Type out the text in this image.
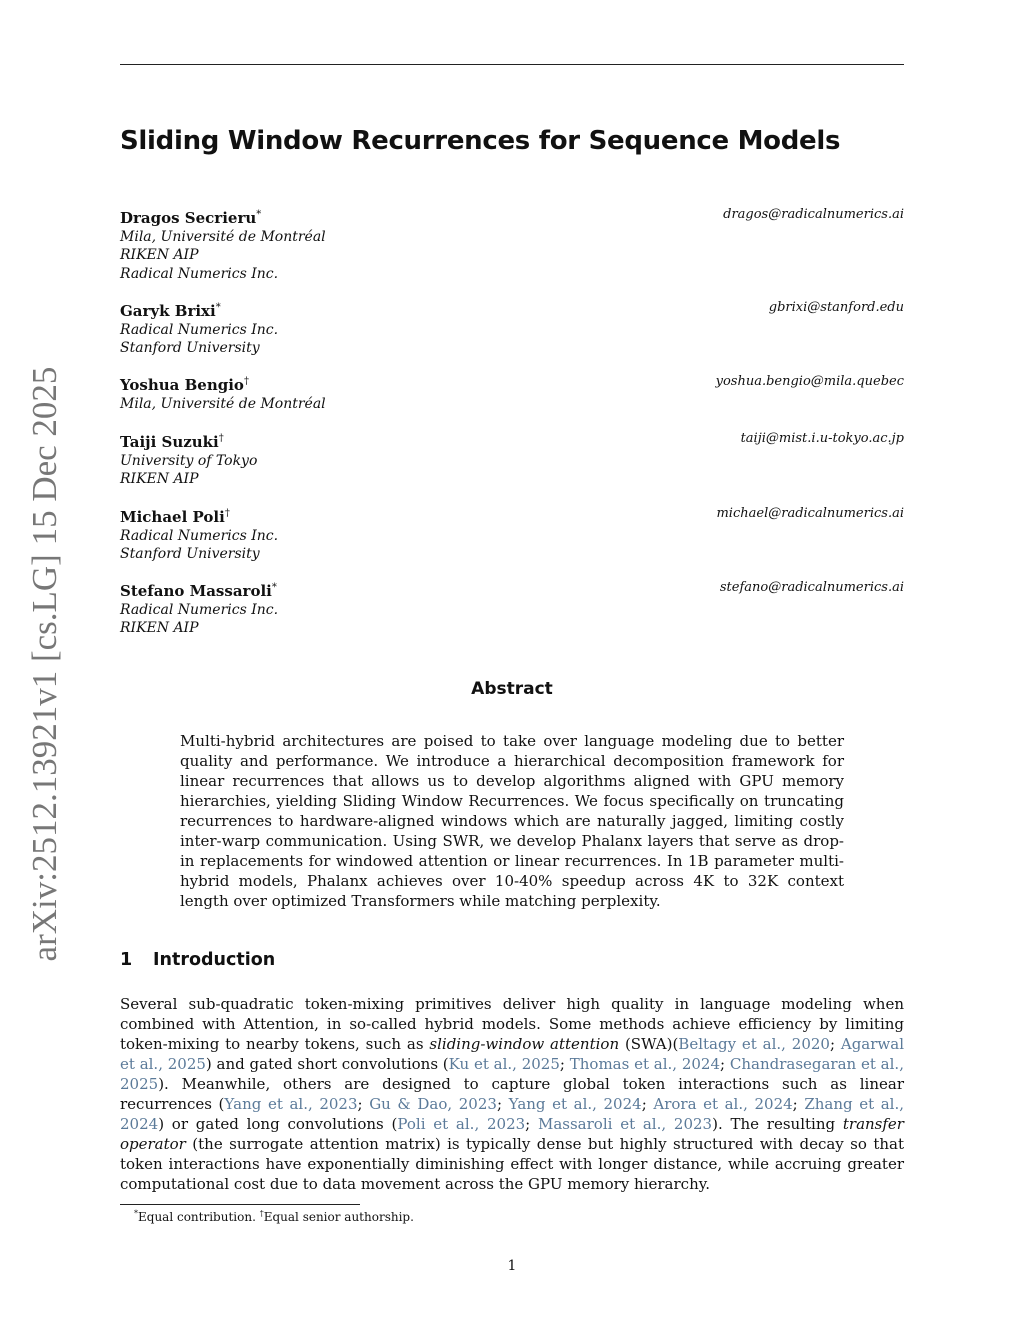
arXiv:2512.13921v1 [cs.LG] 15 Dec 2025
Sliding Window Recurrences for Sequence Models
Dragos Secrieru*	dragos@radicalnumerics.ai
Mila, Université de Montréal
RIKEN AIP
Radical Numerics Inc.
Garyk Brixi*	gbrixi@stanford.edu
Radical Numerics Inc.
Stanford University
Yoshua Bengio†	yoshua.bengio@mila.quebec
Mila, Université de Montréal
Taiji Suzuki†	taiji@mist.i.u-tokyo.ac.jp
University of Tokyo
RIKEN AIP
Michael Poli†	michael@radicalnumerics.ai
Radical Numerics Inc.
Stanford University
Stefano Massaroli*	stefano@radicalnumerics.ai
Radical Numerics Inc.
RIKEN AIP
Abstract
Multi-hybrid architectures are poised to take over language modeling due to better quality and performance. We introduce a hierarchical decomposition framework for linear recurrences that allows us to develop algorithms aligned with GPU memory hierarchies, yielding Sliding Window Recurrences. We focus specifically on truncating recurrences to hardware-aligned windows which are naturally jagged, limiting costly inter-warp communication. Using SWR, we develop Phalanx layers that serve as drop-in replacements for windowed attention or linear recurrences. In 1B parameter multi-hybrid models, Phalanx achieves over 10-40% speedup across 4K to 32K context length over optimized Transformers while matching perplexity.
1 Introduction
Several sub-quadratic token-mixing primitives deliver high quality in language modeling when combined with Attention, in so-called hybrid models. Some methods achieve efficiency by limiting token-mixing to nearby tokens, such as sliding-window attention (SWA)(Beltagy et al., 2020; Agarwal et al., 2025) and gated short convolutions (Ku et al., 2025; Thomas et al., 2024; Chandrasegaran et al., 2025). Meanwhile, others are designed to capture global token interactions such as linear recurrences (Yang et al., 2023; Gu & Dao, 2023; Yang et al., 2024; Arora et al., 2024; Zhang et al., 2024) or gated long convolutions (Poli et al., 2023; Massaroli et al., 2023). The resulting transfer operator (the surrogate attention matrix) is typically dense but highly structured with decay so that token interactions have exponentially diminishing effect with longer distance, while accruing greater computational cost due to data movement across the GPU memory hierarchy.
*Equal contribution. †Equal senior authorship.
1
